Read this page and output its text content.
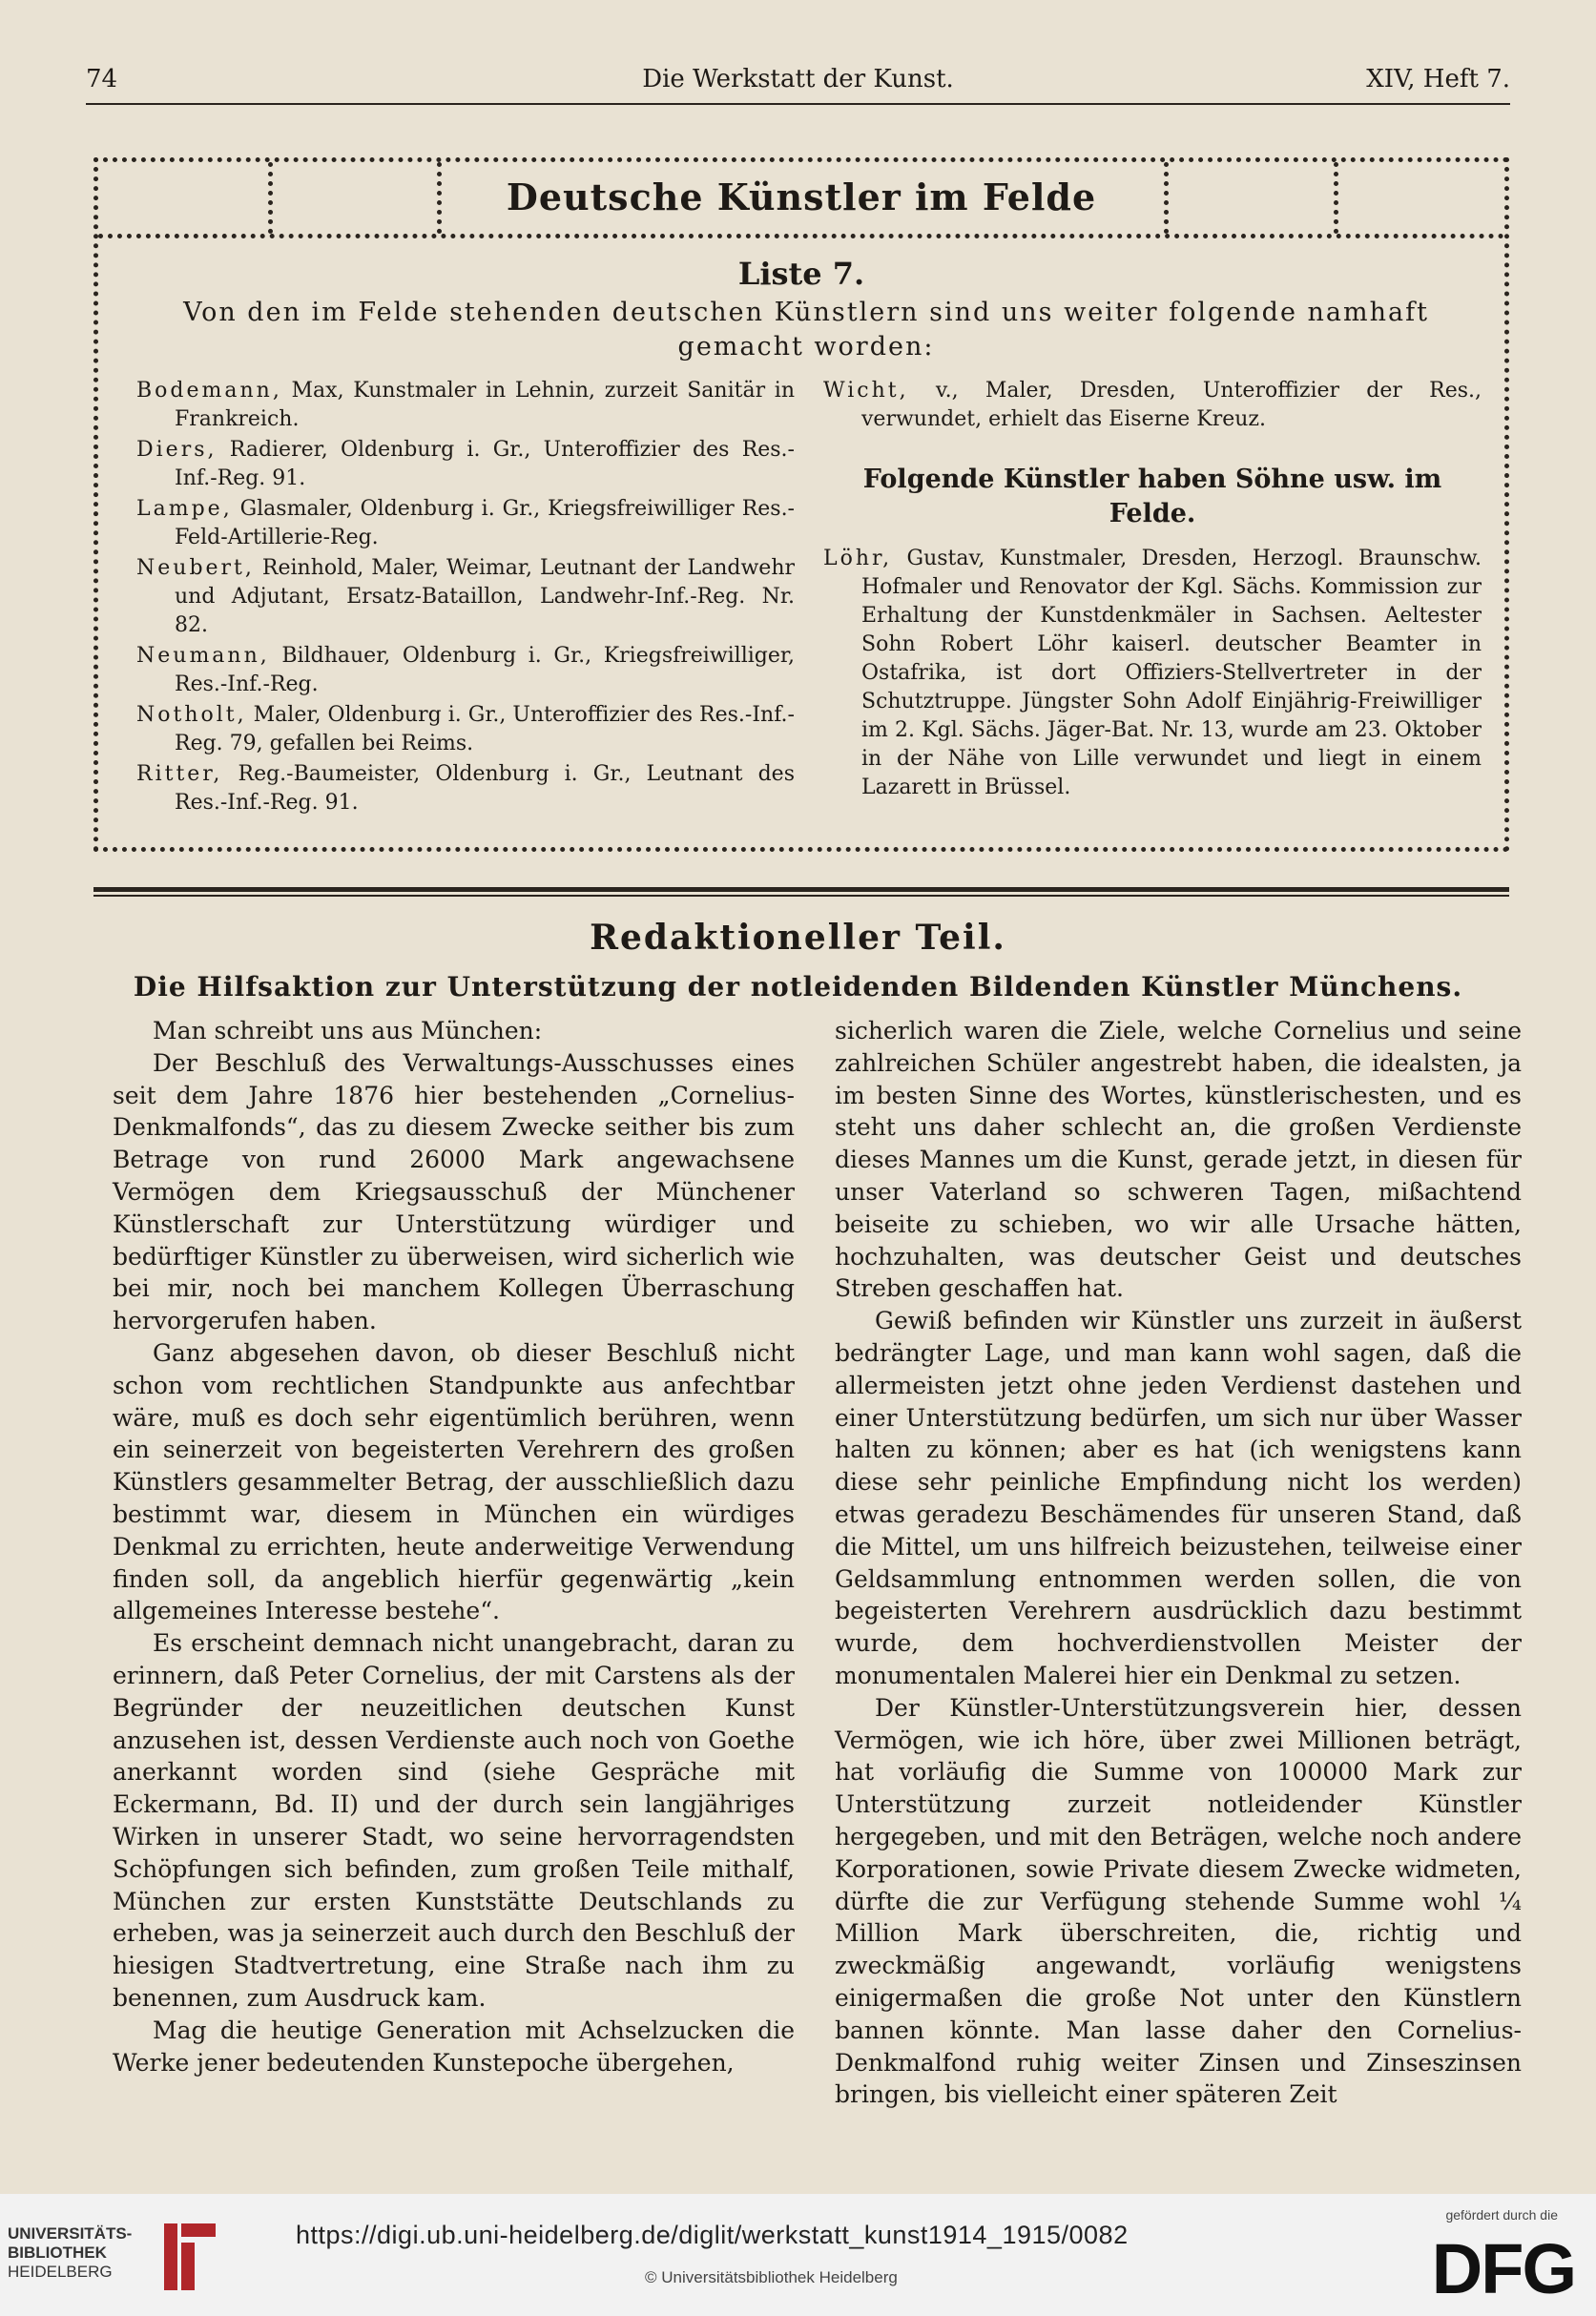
74	Die Werkstatt der Kunst.	XIV, Heft 7.
Deutsche Künstler im Felde
Liste 7.
Von den im Felde stehenden deutschen Künstlern sind uns weiter folgende namhaft gemacht worden:
Bodemann, Max, Kunstmaler in Lehnin, zurzeit Sanitär in Frankreich.
Diers, Radierer, Oldenburg i. Gr., Unteroffizier des Res.-Inf.-Reg. 91.
Lampe, Glasmaler, Oldenburg i. Gr., Kriegsfreiwilliger Res.-Feld-Artillerie-Reg.
Neubert, Reinhold, Maler, Weimar, Leutnant der Landwehr und Adjutant, Ersatz-Bataillon, Landwehr-Inf.-Reg. Nr. 82.
Neumann, Bildhauer, Oldenburg i. Gr., Kriegsfreiwilliger, Res.-Inf.-Reg.
Notholt, Maler, Oldenburg i. Gr., Unteroffizier des Res.-Inf.-Reg. 79, gefallen bei Reims.
Ritter, Reg.-Baumeister, Oldenburg i. Gr., Leutnant des Res.-Inf.-Reg. 91.
Wicht, v., Maler, Dresden, Unteroffizier der Res., verwundet, erhielt das Eiserne Kreuz.
Folgende Künstler haben Söhne usw. im Felde.
Löhr, Gustav, Kunstmaler, Dresden, Herzogl. Braunschw. Hofmaler und Renovator der Kgl. Sächs. Kommission zur Erhaltung der Kunstdenkmäler in Sachsen. Aeltester Sohn Robert Löhr kaiserl. deutscher Beamter in Ostafrika, ist dort Offiziers-Stellvertreter in der Schutztruppe. Jüngster Sohn Adolf Einjährig-Freiwilliger im 2. Kgl. Sächs. Jäger-Bat. Nr. 13, wurde am 23. Oktober in der Nähe von Lille verwundet und liegt in einem Lazarett in Brüssel.
Redaktioneller Teil.
Die Hilfsaktion zur Unterstützung der notleidenden Bildenden Künstler Münchens.

Man schreibt uns aus München:

Der Beschluß des Verwaltungs-Ausschusses eines seit dem Jahre 1876 hier bestehenden „Cornelius-Denkmalfonds“, das zu diesem Zwecke seither bis zum Betrage von rund 26000 Mark angewachsene Vermögen dem Kriegsausschuß der Münchener Künstlerschaft zur Unterstützung würdiger und bedürftiger Künstler zu überweisen, wird sicherlich wie bei mir, noch bei manchem Kollegen Überraschung hervorgerufen haben.

Ganz abgesehen davon, ob dieser Beschluß nicht schon vom rechtlichen Standpunkte aus anfechtbar wäre, muß es doch sehr eigentümlich berühren, wenn ein seinerzeit von begeisterten Verehrern des großen Künstlers gesammelter Betrag, der ausschließlich dazu bestimmt war, diesem in München ein würdiges Denkmal zu errichten, heute anderweitige Verwendung finden soll, da angeblich hierfür gegenwärtig „kein allgemeines Interesse bestehe“.

Es erscheint demnach nicht unangebracht, daran zu erinnern, daß Peter Cornelius, der mit Carstens als der Begründer der neuzeitlichen deutschen Kunst anzusehen ist, dessen Verdienste auch noch von Goethe anerkannt worden sind (siehe Gespräche mit Eckermann, Bd. II) und der durch sein langjähriges Wirken in unserer Stadt, wo seine hervorragendsten Schöpfungen sich befinden, zum großen Teile mithalf, München zur ersten Kunststätte Deutschlands zu erheben, was ja seinerzeit auch durch den Beschluß der hiesigen Stadtvertretung, eine Straße nach ihm zu benennen, zum Ausdruck kam.

Mag die heutige Generation mit Achselzucken die Werke jener bedeutenden Kunstepoche übergehen,

sicherlich waren die Ziele, welche Cornelius und seine zahlreichen Schüler angestrebt haben, die idealsten, ja im besten Sinne des Wortes, künstlerischesten, und es steht uns daher schlecht an, die großen Verdienste dieses Mannes um die Kunst, gerade jetzt, in diesen für unser Vaterland so schweren Tagen, mißachtend beiseite zu schieben, wo wir alle Ursache hätten, hochzuhalten, was deutscher Geist und deutsches Streben geschaffen hat.

Gewiß befinden wir Künstler uns zurzeit in äußerst bedrängter Lage, und man kann wohl sagen, daß die allermeisten jetzt ohne jeden Verdienst dastehen und einer Unterstützung bedürfen, um sich nur über Wasser halten zu können; aber es hat (ich wenigstens kann diese sehr peinliche Empfindung nicht los werden) etwas geradezu Beschämendes für unseren Stand, daß die Mittel, um uns hilfreich beizustehen, teilweise einer Geldsammlung entnommen werden sollen, die von begeisterten Verehrern ausdrücklich dazu bestimmt wurde, dem hochverdienstvollen Meister der monumentalen Malerei hier ein Denkmal zu setzen.

Der Künstler-Unterstützungsverein hier, dessen Vermögen, wie ich höre, über zwei Millionen beträgt, hat vorläufig die Summe von 100000 Mark zur Unterstützung zurzeit notleidender Künstler hergegeben, und mit den Beträgen, welche noch andere Korporationen, sowie Private diesem Zwecke widmeten, dürfte die zur Verfügung stehende Summe wohl ¼ Million Mark überschreiten, die, richtig und zweckmäßig angewandt, vorläufig wenigstens einigermaßen die große Not unter den Künstlern bannen könnte. Man lasse daher den Cornelius-Denkmalfond ruhig weiter Zinsen und Zinseszinsen bringen, bis vielleicht einer späteren Zeit

UNIVERSITÄTS-
BIBLIOTHEK
HEIDELBERG
https://digi.ub.uni-heidelberg.de/diglit/werkstatt_kunst1914_1915/0082
© Universitätsbibliothek Heidelberg
gefördert durch die
DFG
